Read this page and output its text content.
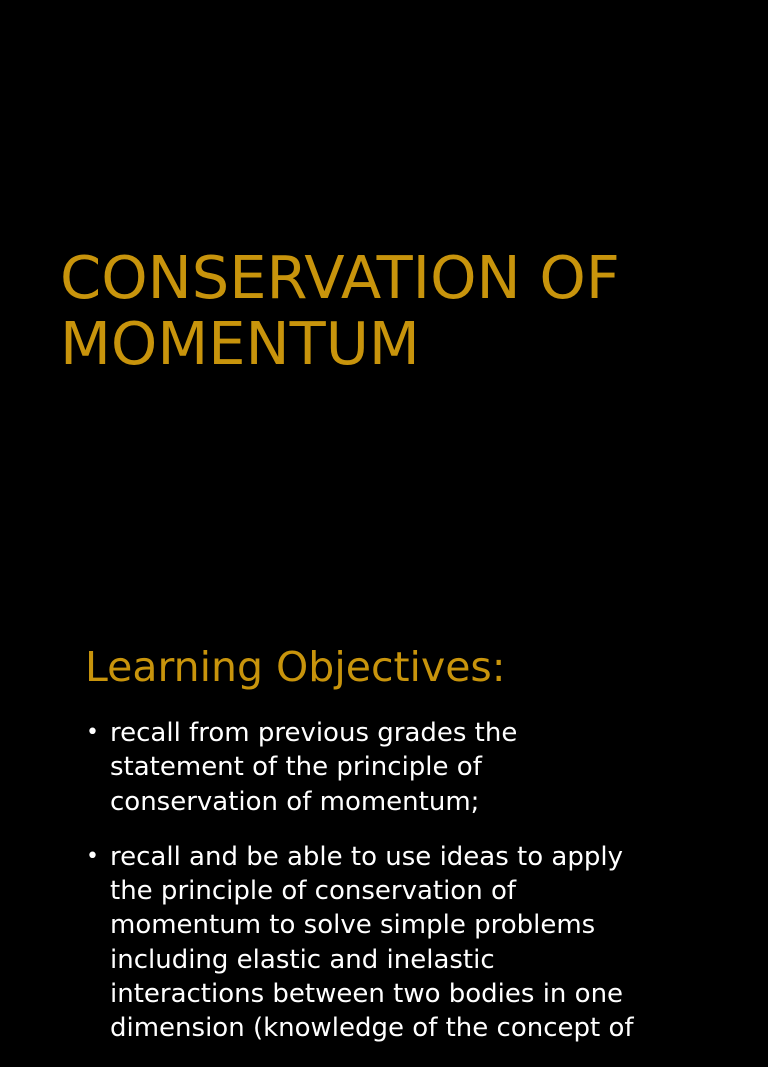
CONSERVATION OF
MOMENTUM
Learning Objectives:
• recall from previous grades the
statement of the principle of
conservation of momentum;
• recall and be able to use ideas to apply
the principle of conservation of
momentum to solve simple problems
including elastic and inelastic
interactions between two bodies in one
dimension (knowledge of the concept of
